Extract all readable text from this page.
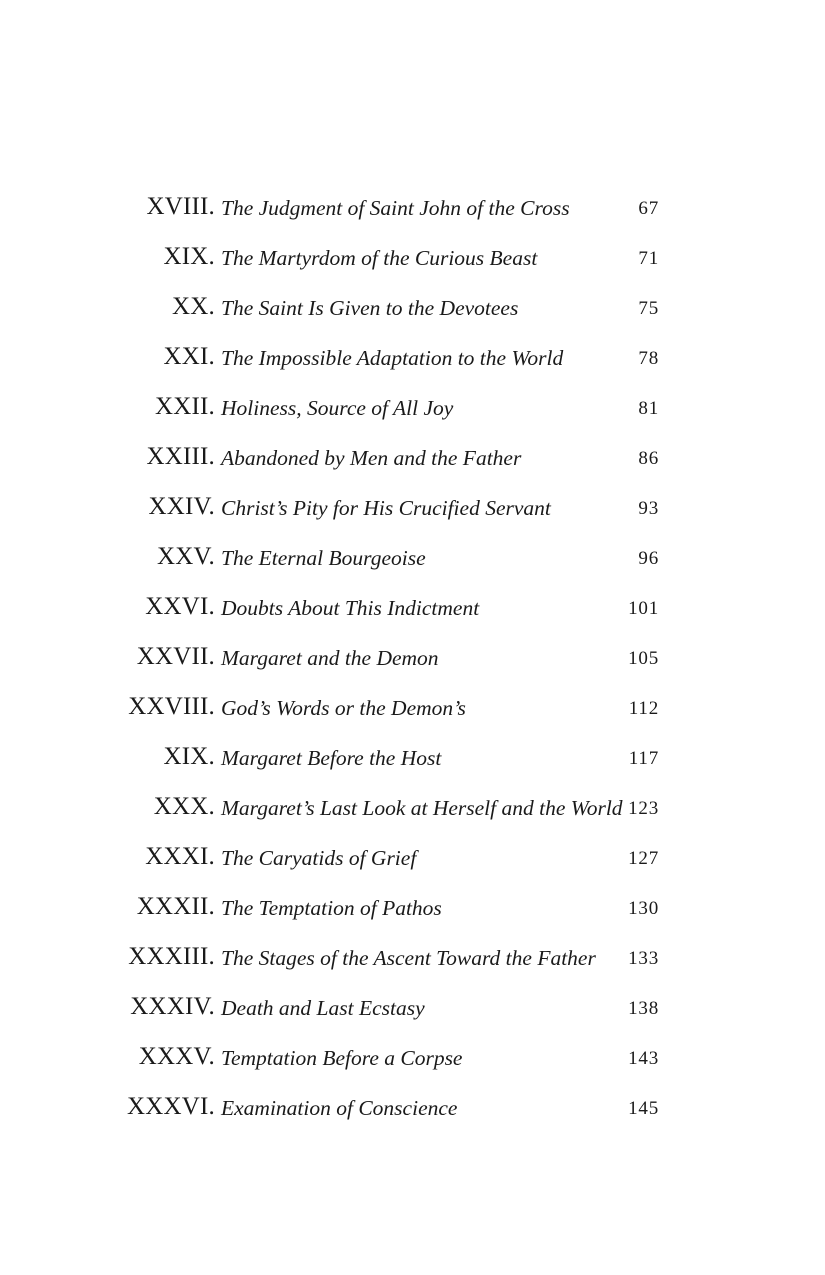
XVIII. The Judgment of Saint John of the Cross	67
XIX. The Martyrdom of the Curious Beast	71
XX. The Saint Is Given to the Devotees	75
XXI. The Impossible Adaptation to the World	78
XXII. Holiness, Source of All Joy	81
XXIII. Abandoned by Men and the Father	86
XXIV. Christ’s Pity for His Crucified Servant	93
XXV. The Eternal Bourgeoise	96
XXVI. Doubts About This Indictment	101
XXVII. Margaret and the Demon	105
XXVIII. God’s Words or the Demon’s	112
XIX. Margaret Before the Host	117
XXX. Margaret’s Last Look at Herself and the World 123
XXXI. The Caryatids of Grief	127
XXXII. The Temptation of Pathos	130
XXXIII. The Stages of the Ascent Toward the Father 133
XXXIV. Death and Last Ecstasy	138
XXXV. Temptation Before a Corpse	143
XXXVI. Examination of Conscience	145
